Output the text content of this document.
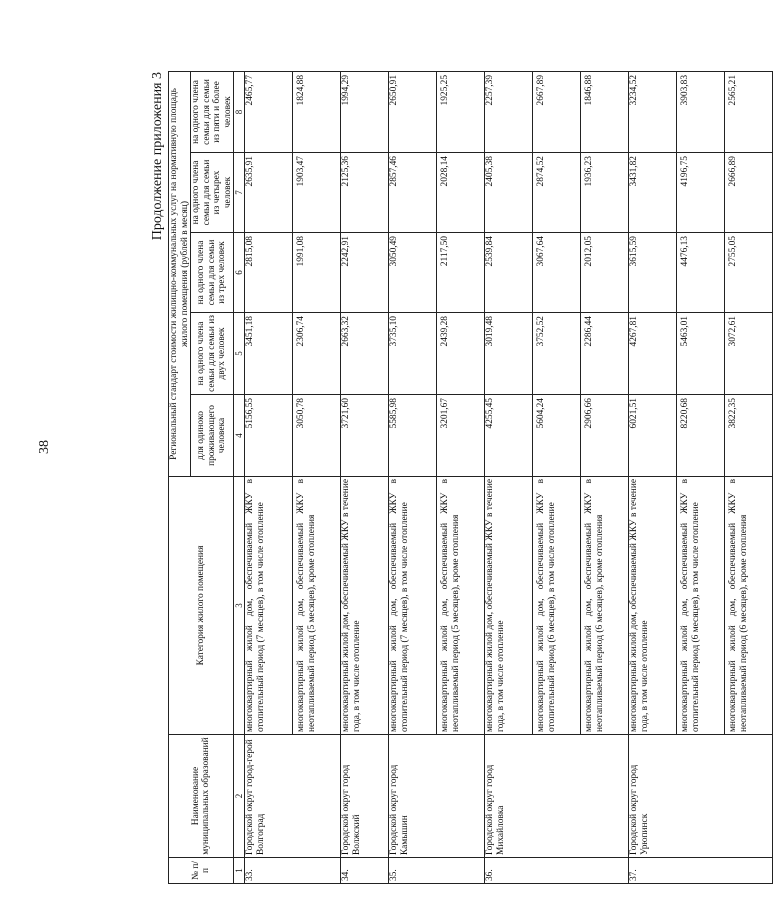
38
Продолжение приложения 3
№ п/п	Наименование муниципальных образований	Категория жилого помещения	Региональный стандарт стоимости жилищно-коммунальных услуг на нормативную площадь жилого помещения (рублей в месяц)				
			для одиноко проживающего человека	на одного члена семьи для семьи из двух человек	на одного члена семьи для семьи из трех человек	на одного члена семьи для семьи из четырех человек	на одного члена семьи для семьи из пяти и более человек
1	2	3	4	5	6	7	8
33.	Городской округ город-герой Волгоград	многоквартирный жилой дом, обеспечиваемый ЖКУ в отопительный период (7 месяцев), в том числе отопление	5156,55	3451,18	2815,08	2635,91	2465,77
		многоквартирный жилой дом, обеспечиваемый ЖКУ в неотапливаемый период (5 месяцев), кроме отопления	3050,78	2306,74	1991,08	1903,47	1824,88
34.	Городской округ город Волжский	многоквартирный жилой дом, обеспечиваемый ЖКУ в течение года, в том числе отопление	3721,60	2663,32	2242,91	2125,36	1994,29
35.	Городской округ город Камышин	многоквартирный жилой дом, обеспечиваемый ЖКУ в отопительный период (7 месяцев), в том числе отопление	5585,98	3735,10	3050,49	2857,46	2650,91
		многоквартирный жилой дом, обеспечиваемый ЖКУ в неотапливаемый период (5 месяцев), кроме отопления	3201,67	2439,28	2117,50	2028,14	1925,25
36.	Городской округ город Михайловка	многоквартирный жилой дом, обеспечиваемый ЖКУ в течение года, в том числе отопление	4255,45	3019,48	2539,84	2405,38	2257,39
		многоквартирный жилой дом, обеспечиваемый ЖКУ в отопительный период (6 месяцев), в том числе отопление	5604,24	3752,52	3067,64	2874,52	2667,89
		многоквартирный жилой дом, обеспечиваемый ЖКУ в неотапливаемый период (6 месяцев), кроме отопления	2906,66	2286,44	2012,05	1936,23	1846,88
37.	Городской округ город Урюпинск	многоквартирный жилой дом, обеспечиваемый ЖКУ в течение года, в том числе отопление	6021,51	4267,81	3615,59	3431,82	3234,52
		многоквартирный жилой дом, обеспечиваемый ЖКУ в отопительный период (6 месяцев), в том числе отопление	8220,68	5463,01	4476,13	4196,75	3903,83
		многоквартирный жилой дом, обеспечиваемый ЖКУ в неотапливаемый период (6 месяцев), кроме отопления	3822,35	3072,61	2755,05	2666,89	2565,21
